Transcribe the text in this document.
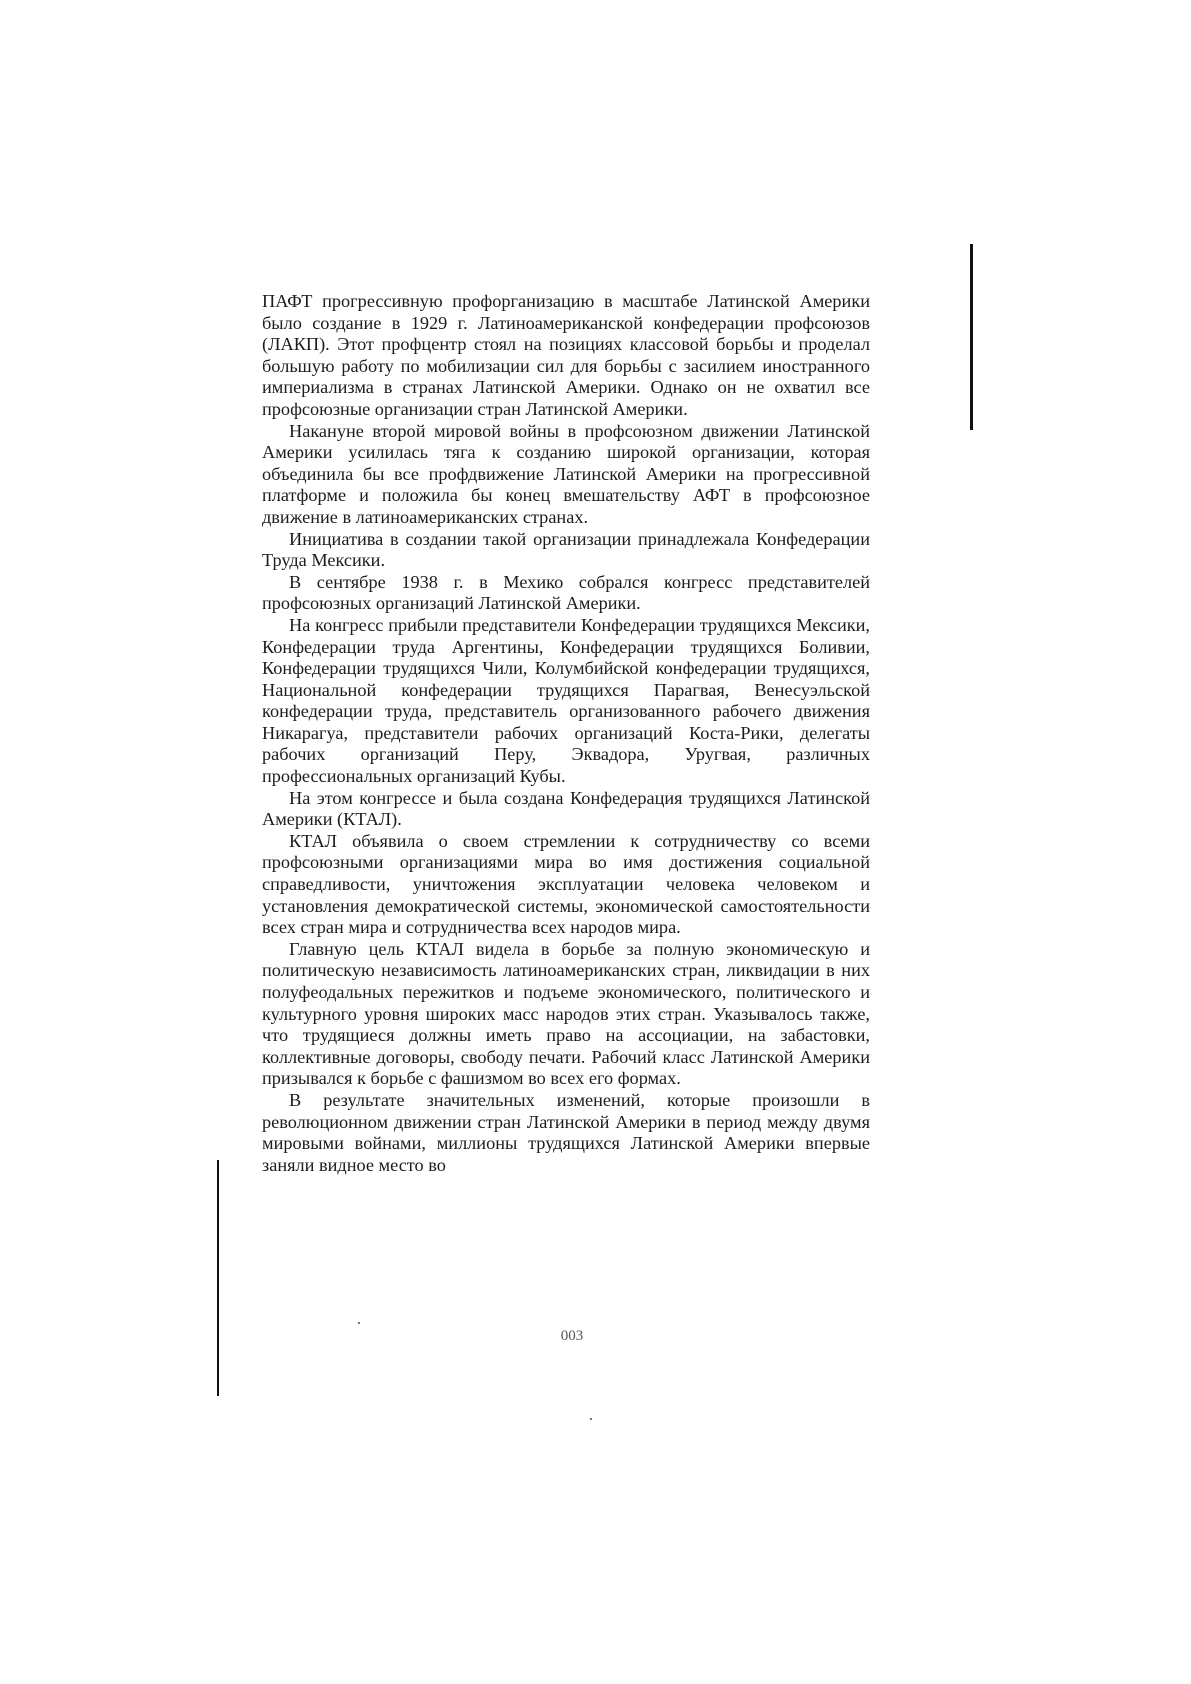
ПАФТ прогрессивную профорганизацию в масштабе Латинской Америки было создание в 1929 г. Латиноамериканской конфедерации профсоюзов (ЛАКП). Этот профцентр стоял на позициях классовой борьбы и проделал большую работу по мобилизации сил для борьбы с засилием иностранного империализма в странах Латинской Америки. Однако он не охватил все профсоюзные организации стран Латинской Америки.

Накануне второй мировой войны в профсоюзном движении Латинской Америки усилилась тяга к созданию широкой организации, которая объединила бы все профдвижение Латинской Америки на прогрессивной платформе и положила бы конец вмешательству АФТ в профсоюзное движение в латиноамериканских странах.

Инициатива в создании такой организации принадлежала Конфедерации Труда Мексики.

В сентябре 1938 г. в Мехико собрался конгресс представителей профсоюзных организаций Латинской Америки.

На конгресс прибыли представители Конфедерации трудящихся Мексики, Конфедерации труда Аргентины, Конфедерации трудящихся Боливии, Конфедерации трудящихся Чили, Колумбийской конфедерации трудящихся, Национальной конфедерации трудящихся Парагвая, Венесуэльской конфедерации труда, представитель организованного рабочего движения Никарагуа, представители рабочих организаций Коста-Рики, делегаты рабочих организаций Перу, Эквадора, Уругвая, различных профессиональных организаций Кубы.

На этом конгрессе и была создана Конфедерация трудящихся Латинской Америки (КТАЛ).

КТАЛ объявила о своем стремлении к сотрудничеству со всеми профсоюзными организациями мира во имя достижения социальной справедливости, уничтожения эксплуатации человека человеком и установления демократической системы, экономической самостоятельности всех стран мира и сотрудничества всех народов мира.

Главную цель КТАЛ видела в борьбе за полную экономическую и политическую независимость латиноамериканских стран, ликвидации в них полуфеодальных пережитков и подъеме экономического, политического и культурного уровня широких масс народов этих стран. Указывалось также, что трудящиеся должны иметь право на ассоциации, на забастовки, коллективные договоры, свободу печати. Рабочий класс Латинской Америки призывался к борьбе с фашизмом во всех его формах.

В результате значительных изменений, которые произошли в революционном движении стран Латинской Америки в период между двумя мировыми войнами, миллионы трудящихся Латинской Америки впервые заняли видное место во

003
